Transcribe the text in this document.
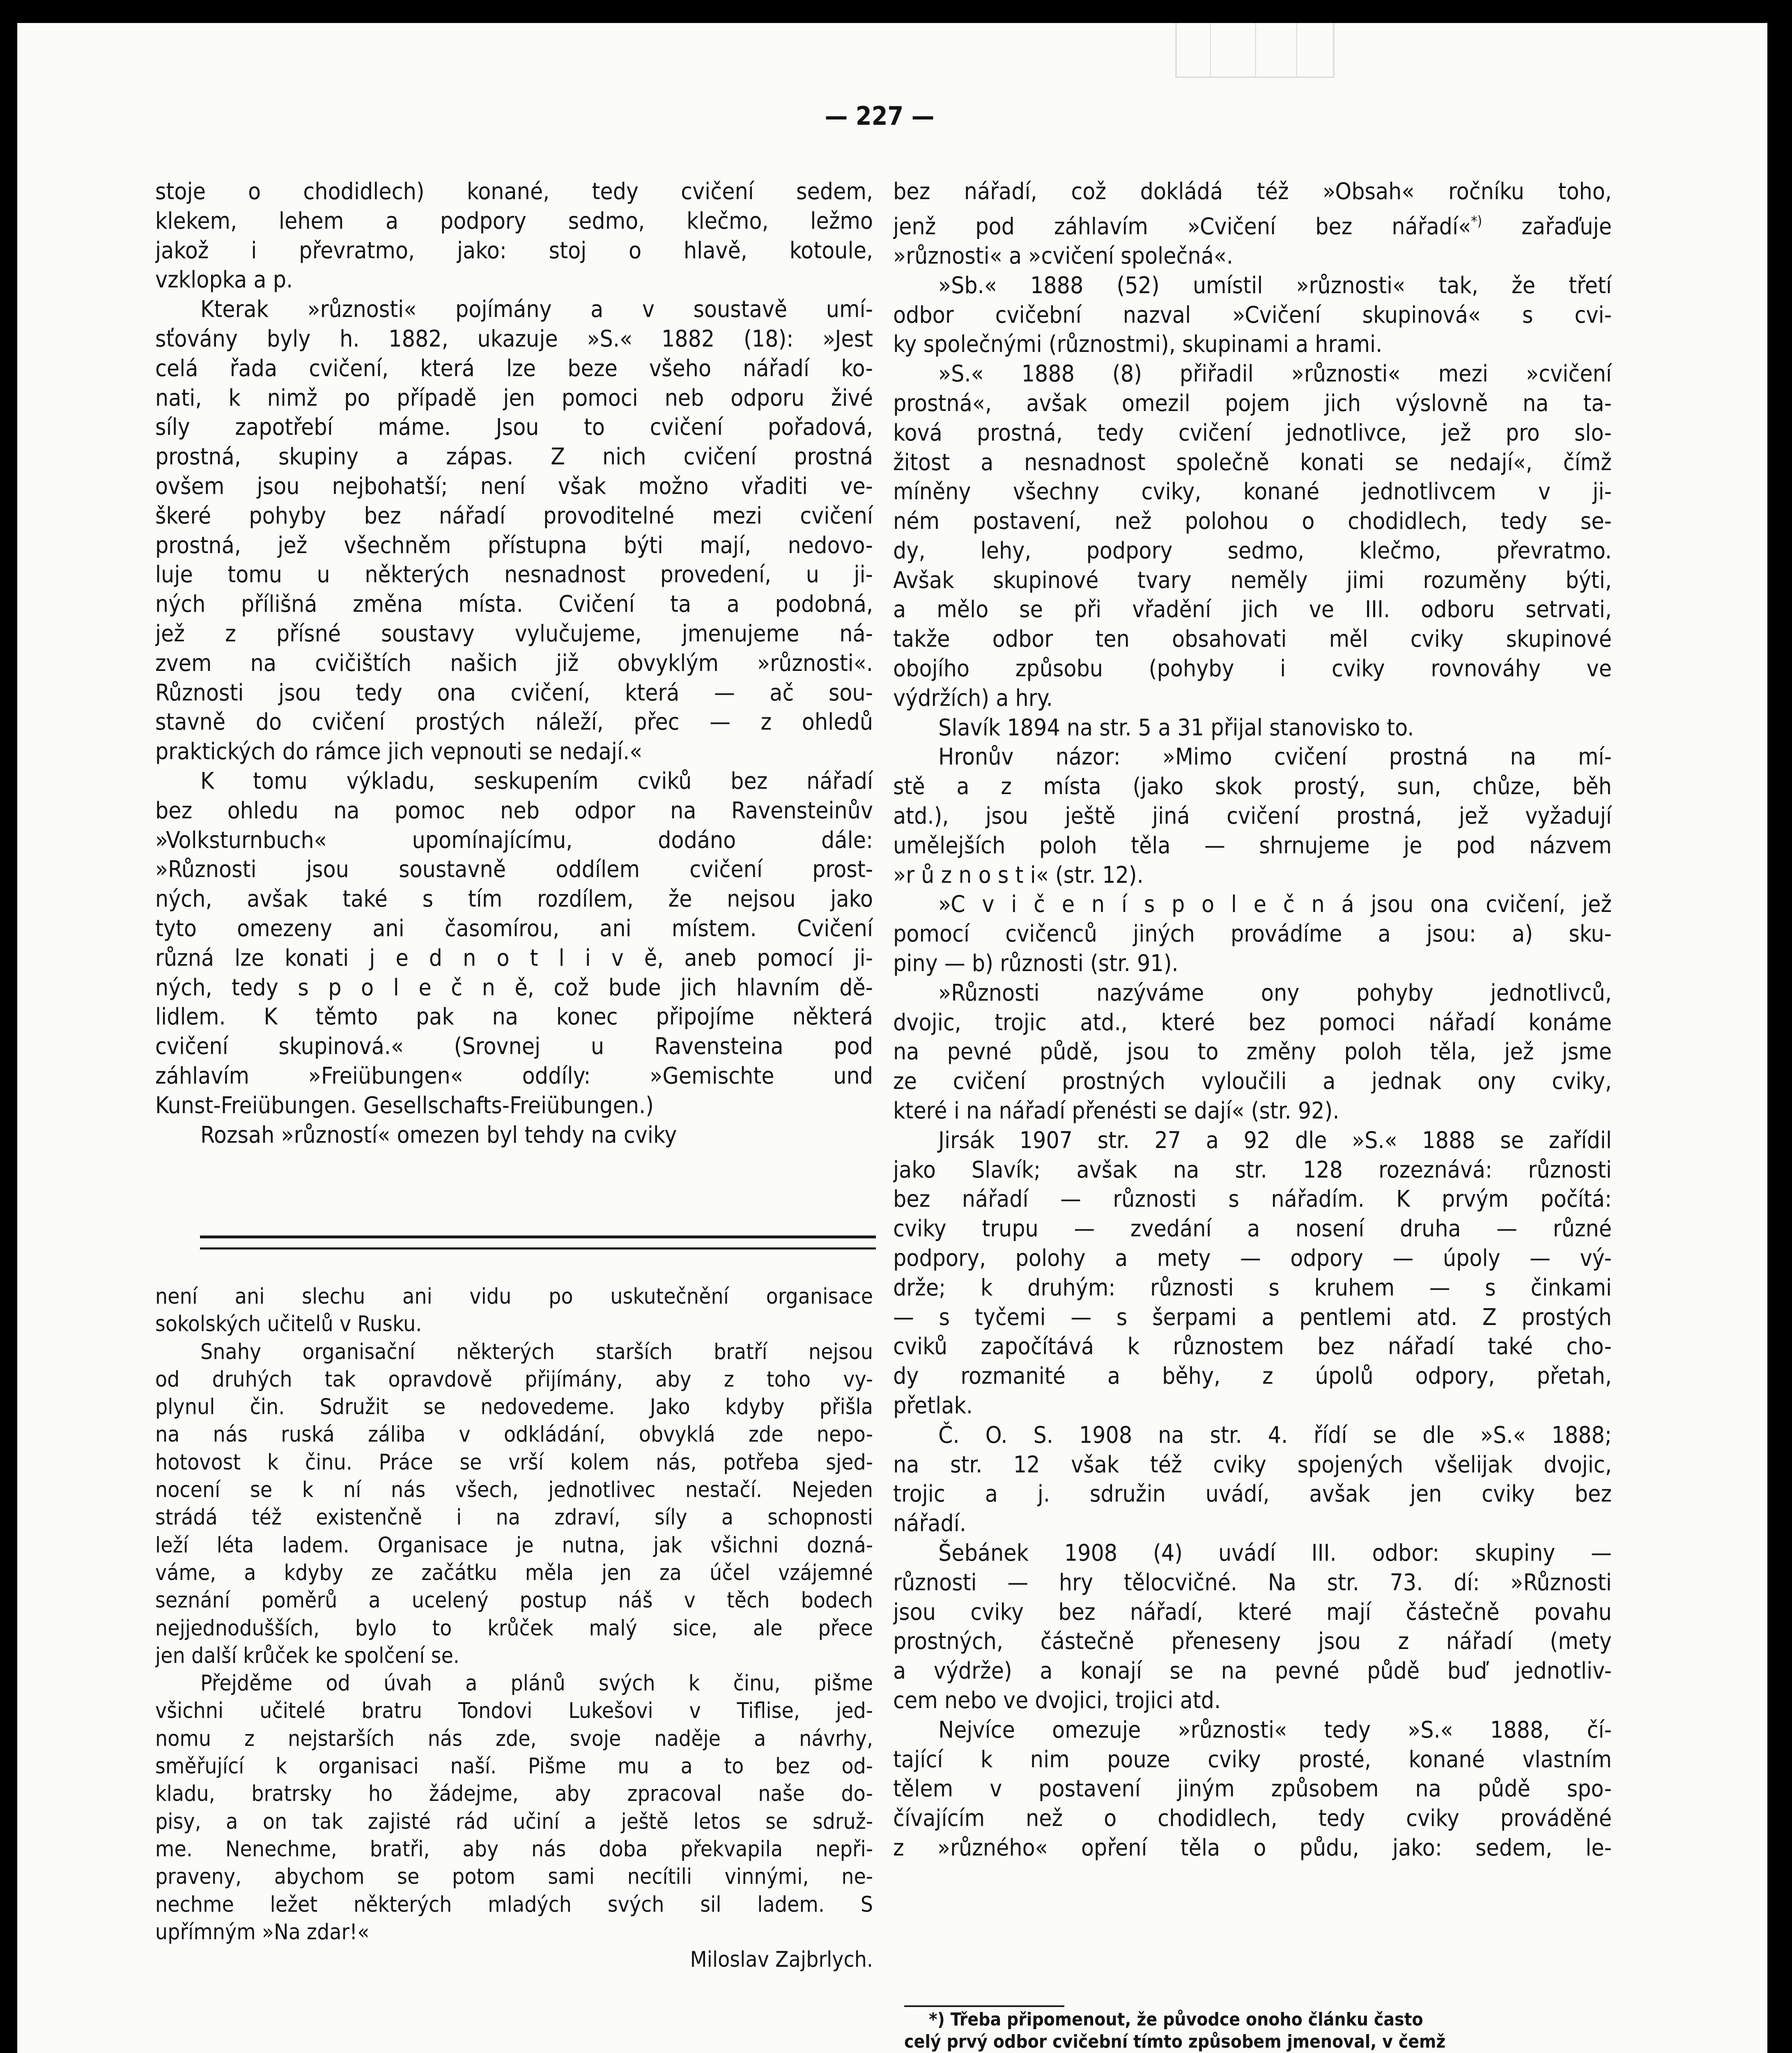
— 227 —

stoje o chodidlech) konané, tedy cvičení sedem,

klekem, lehem a podpory sedmo, klečmo, ležmo

jakož i převratmo, jako: stoj o hlavě, kotoule,

vzklopka a p.

Kterak »různosti« pojímány a v soustavě umí-

sťovány byly h. 1882, ukazuje »S.« 1882 (18): »Jest

celá řada cvičení, která lze beze všeho nářadí ko-

nati, k nimž po případě jen pomoci neb odporu živé

síly zapotřebí máme. Jsou to cvičení pořadová,

prostná, skupiny a zápas. Z nich cvičení prostná

ovšem jsou nejbohatší; není však možno vřaditi ve-

škeré pohyby bez nářadí provoditelné mezi cvičení

prostná, jež všechněm přístupna býti mají, nedovo-

luje tomu u některých nesnadnost provedení, u ji-

ných přílišná změna místa. Cvičení ta a podobná,

jež z přísné soustavy vylučujeme, jmenujeme ná-

zvem na cvičištích našich již obvyklým »různosti«.

Různosti jsou tedy ona cvičení, která — ač sou-

stavně do cvičení prostých náleží, přec — z ohledů

praktických do rámce jich vepnouti se nedají.«

K tomu výkladu, seskupením cviků bez nářadí

bez ohledu na pomoc neb odpor na Ravensteinův

»Volksturnbuch« upomínajícímu, dodáno dále:

»Různosti jsou soustavně oddílem cvičení prost-

ných, avšak také s tím rozdílem, že nejsou jako

tyto omezeny ani časomírou, ani místem. Cvičení

různá lze konati j e d n o t l i v ě, aneb pomocí ji-

ných, tedy s p o l e č n ě, což bude jich hlavním dě-

lidlem. K těmto pak na konec připojíme některá

cvičení skupinová.« (Srovnej u Ravensteina pod

záhlavím »Freiübungen« oddíly: »Gemischte und

Kunst-Freiübungen. Gesellschafts-Freiübungen.)

Rozsah »růzností« omezen byl tehdy na cviky

není ani slechu ani vidu po uskutečnění organisace

sokolských učitelů v Rusku.

Snahy organisační některých starších bratří nejsou

od druhých tak opravdově přijímány, aby z toho vy-

plynul čin. Sdružit se nedovedeme. Jako kdyby přišla

na nás ruská záliba v odkládání, obvyklá zde nepo-

hotovost k činu. Práce se vrší kolem nás, potřeba sjed-

nocení se k ní nás všech, jednotlivec nestačí. Nejeden

strádá též existenčně i na zdraví, síly a schopnosti

leží léta ladem. Organisace je nutna, jak všichni dozná-

váme, a kdyby ze začátku měla jen za účel vzájemné

seznání poměrů a ucelený postup náš v těch bodech

nejjednodušších, bylo to krůček malý sice, ale přece

jen další krůček ke spolčení se.

Přejděme od úvah a plánů svých k činu, pišme

všichni učitelé bratru Tondovi Lukešovi v Tiflise, jed-

nomu z nejstarších nás zde, svoje naděje a návrhy,

směřující k organisaci naší. Pišme mu a to bez od-

kladu, bratrsky ho žádejme, aby zpracoval naše do-

pisy, a on tak zajisté rád učiní a ještě letos se sdruž-

me. Nenechme, bratři, aby nás doba překvapila nepři-

praveny, abychom se potom sami necítili vinnými, ne-

nechme ležet některých mladých svých sil ladem. S

upřímným »Na zdar!«

Miloslav Zajbrlych.

bez nářadí, což dokládá též »Obsah« ročníku toho,

jenž pod záhlavím »Cvičení bez nářadí«*) zařaďuje

»různosti« a »cvičení společná«.

»Sb.« 1888 (52) umístil »různosti« tak, že třetí

odbor cvičební nazval »Cvičení skupinová« s cvi-

ky společnými (různostmi), skupinami a hrami.

»S.« 1888 (8) přiřadil »různosti« mezi »cvičení

prostná«, avšak omezil pojem jich výslovně na ta-

ková prostná, tedy cvičení jednotlivce, jež pro slo-

žitost a nesnadnost společně konati se nedají«, čímž

míněny všechny cviky, konané jednotlivcem v ji-

ném postavení, než polohou o chodidlech, tedy se-

dy, lehy, podpory sedmo, klečmo, převratmo.

Avšak skupinové tvary neměly jimi rozuměny býti,

a mělo se při vřadění jich ve III. odboru setrvati,

takže odbor ten obsahovati měl cviky skupinové

obojího způsobu (pohyby i cviky rovnováhy ve

výdržích) a hry.

Slavík 1894 na str. 5 a 31 přijal stanovisko to.

Hronův názor: »Mimo cvičení prostná na mí-

stě a z místa (jako skok prostý, sun, chůze, běh

atd.), jsou ještě jiná cvičení prostná, jež vyžadují

umělejších poloh těla — shrnujeme je pod názvem

»r ů z n o s t i« (str. 12).

»C v i č e n í s p o l e č n á jsou ona cvičení, jež

pomocí cvičenců jiných provádíme a jsou: a) sku-

piny — b) různosti (str. 91).

»Různosti nazýváme ony pohyby jednotlivců,

dvojic, trojic atd., které bez pomoci nářadí konáme

na pevné půdě, jsou to změny poloh těla, jež jsme

ze cvičení prostných vyloučili a jednak ony cviky,

které i na nářadí přenésti se dají« (str. 92).

Jirsák 1907 str. 27 a 92 dle »S.« 1888 se zařídil

jako Slavík; avšak na str. 128 rozeznává: různosti

bez nářadí — různosti s nářadím. K prvým počítá:

cviky trupu — zvedání a nosení druha — různé

podpory, polohy a mety — odpory — úpoly — vý-

drže; k druhým: různosti s kruhem — s činkami

— s tyčemi — s šerpami a pentlemi atd. Z prostých

cviků započítává k různostem bez nářadí také cho-

dy rozmanité a běhy, z úpolů odpory, přetah,

přetlak.

Č. O. S. 1908 na str. 4. řídí se dle »S.« 1888;

na str. 12 však též cviky spojených všelijak dvojic,

trojic a j. sdružin uvádí, avšak jen cviky bez

nářadí.

Šebánek 1908 (4) uvádí III. odbor: skupiny —

různosti — hry tělocvičné. Na str. 73. dí: »Různosti

jsou cviky bez nářadí, které mají částečně povahu

prostných, částečně přeneseny jsou z nářadí (mety

a výdrže) a konají se na pevné půdě buď jednotliv-

cem nebo ve dvojici, trojici atd.

Nejvíce omezuje »různosti« tedy »S.« 1888, čí-

tající k nim pouze cviky prosté, konané vlastním

tělem v postavení jiným způsobem na půdě spo-

čívajícím než o chodidlech, tedy cviky prováděné

z »různého« opření těla o půdu, jako: sedem, le-

*) Třeba připomenout, že původce onoho článku často

celý prvý odbor cvičební tímto způsobem jmenoval, v čemž
